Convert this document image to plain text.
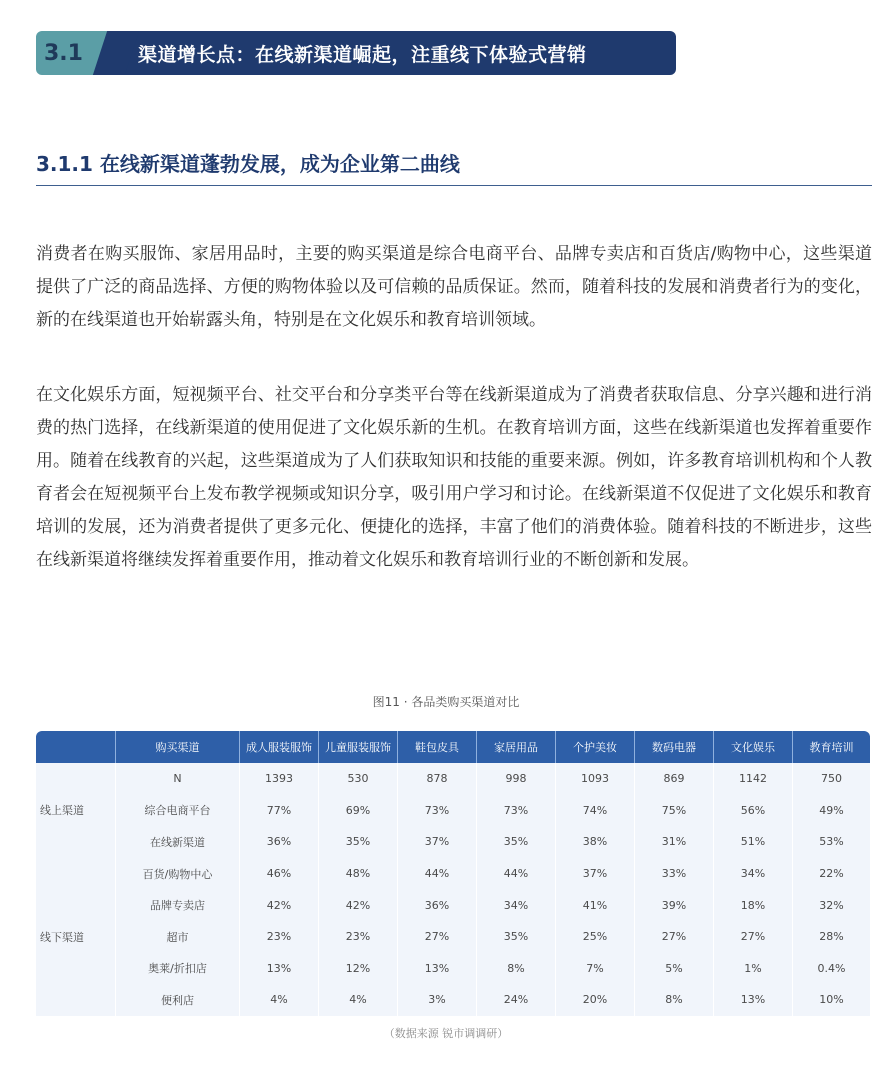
3.1	渠道增长点：在线新渠道崛起，注重线下体验式营销
3.1.1 在线新渠道蓬勃发展，成为企业第二曲线

消费者在购买服饰、家居用品时，主要的购买渠道是综合电商平台、品牌专卖店和百货店/购物中心，这些渠道提供了广泛的商品选择、方便的购物体验以及可信赖的品质保证。然而，随着科技的发展和消费者行为的变化，新的在线渠道也开始崭露头角，特别是在文化娱乐和教育培训领域。

在文化娱乐方面，短视频平台、社交平台和分享类平台等在线新渠道成为了消费者获取信息、分享兴趣和进行消费的热门选择，在线新渠道的使用促进了文化娱乐新的生机。在教育培训方面，这些在线新渠道也发挥着重要作用。随着在线教育的兴起，这些渠道成为了人们获取知识和技能的重要来源。例如，许多教育培训机构和个人教育者会在短视频平台上发布教学视频或知识分享，吸引用户学习和讨论。在线新渠道不仅促进了文化娱乐和教育培训的发展，还为消费者提供了更多元化、便捷化的选择，丰富了他们的消费体验。随着科技的不断进步，这些在线新渠道将继续发挥着重要作用，推动着文化娱乐和教育培训行业的不断创新和发展。

图11 · 各品类购买渠道对比
	购买渠道	成人服装服饰	儿童服装服饰	鞋包皮具	家居用品	个护美妆	数码电器	文化娱乐	教育培训
	N	1393	530	878	998	1093	869	1142	750
线上渠道	综合电商平台	77%	69%	73%	73%	74%	75%	56%	49%
	在线新渠道	36%	35%	37%	35%	38%	31%	51%	53%
	百货/购物中心	46%	48%	44%	44%	37%	33%	34%	22%
	品牌专卖店	42%	42%	36%	34%	41%	39%	18%	32%
线下渠道	超市	23%	23%	27%	35%	25%	27%	27%	28%
	奥莱/折扣店	13%	12%	13%	8%	7%	5%	1%	0.4%
	便利店	4%	4%	3%	24%	20%	8%	13%	10%
（数据来源 锐市调调研）
